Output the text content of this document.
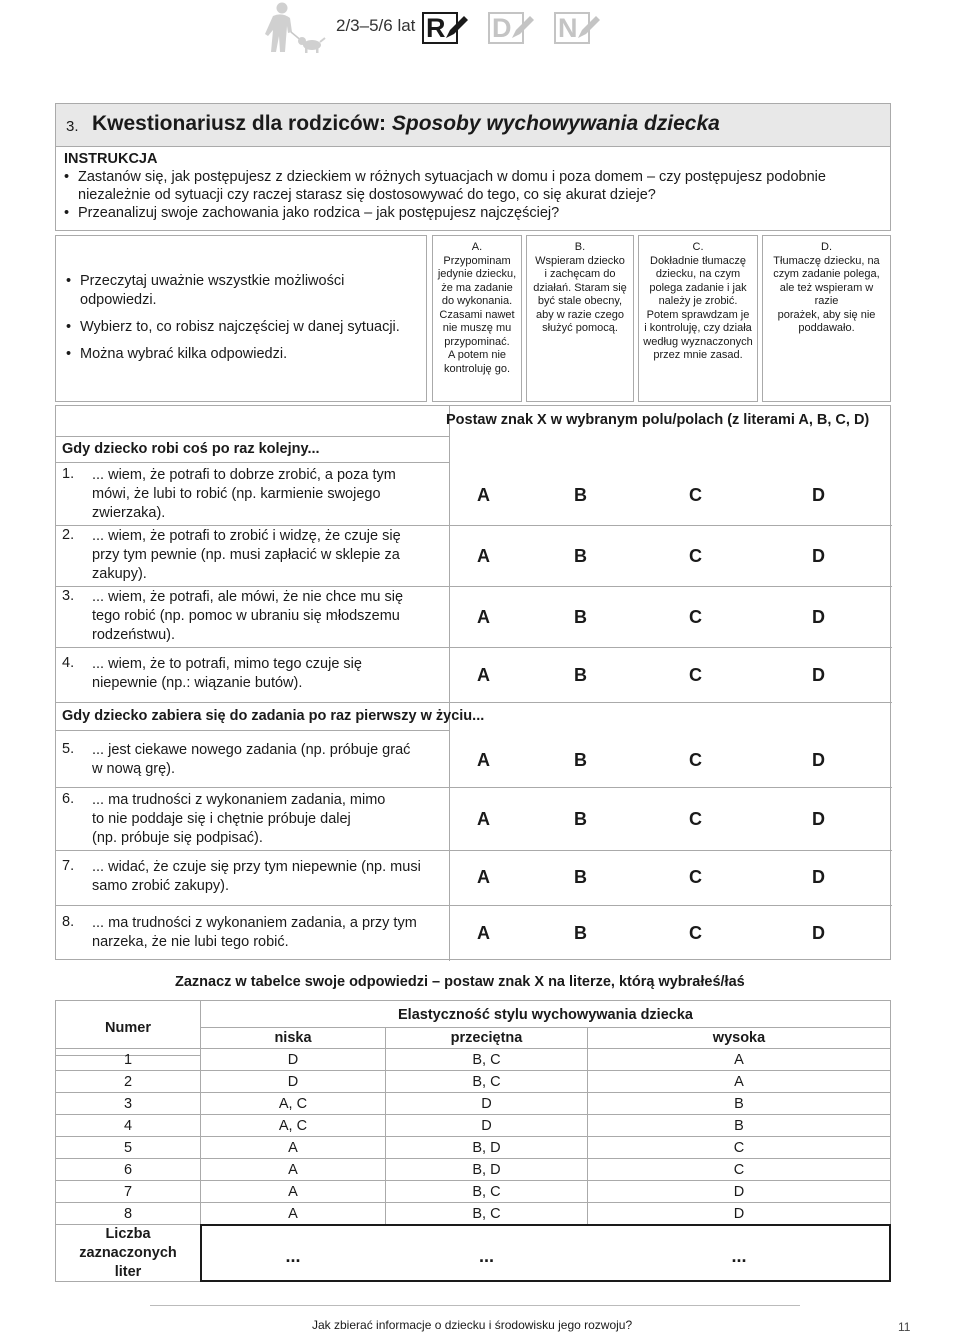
2/3–5/6 lat R D N
3. Kwestionariusz dla rodziców: Sposoby wychowywania dziecka
INSTRUKCJA
• Zastanów się, jak postępujesz z dzieckiem w różnych sytuacjach w domu i poza domem – czy postępujesz podobnie niezależnie od sytuacji czy raczej starasz się dostosowywać do tego, co się akurat dzieje?
• Przeanalizuj swoje zachowania jako rodzica – jak postępujesz najczęściej?
• Przeczytaj uważnie wszystkie możliwości odpowiedzi.
• Wybierz to, co robisz najczęściej w danej sytuacji.
• Można wybrać kilka odpowiedzi.
A.
Przypominam
jedynie dziecku,
że ma zadanie
do wykonania.
Czasami nawet
nie muszę mu
przypominać.
A potem nie
kontroluję go.
B.
Wspieram dziecko
i zachęcam do
działań. Staram się
być stale obecny,
aby w razie czego
służyć pomocą.
C.
Dokładnie tłumaczę
dziecku, na czym
polega zadanie i jak
należy je zrobić.
Potem sprawdzam je
i kontroluję, czy działa
według wyznaczonych
przez mnie zasad.
D.
Tłumaczę dziecku, na
czym zadanie polega,
ale też wspieram w razie
porażek, aby się nie
poddawało.
Postaw znak X w wybranym polu/polach (z literami A, B, C, D)
Gdy dziecko robi coś po raz kolejny...
1. ... wiem, że potrafi to dobrze zrobić, a poza tym
mówi, że lubi to robić (np. karmienie swojego
zwierzaka).
A	B	C	D
2. ... wiem, że potrafi to zrobić i widzę, że czuje się
przy tym pewnie (np. musi zapłacić w sklepie za
zakupy).
A	B	C	D
3. ... wiem, że potrafi, ale mówi, że nie chce mu się
tego robić (np. pomoc w ubraniu się młodszemu
rodzeństwu).
A	B	C	D
4. ... wiem, że to potrafi, mimo tego czuje się
niepewnie (np.: wiązanie butów).	A	B	C	D
Gdy dziecko zabiera się do zadania po raz pierwszy w życiu...
5. ... jest ciekawe nowego zadania (np. próbuje grać
w nową grę).	A	B	C	D
6. ... ma trudności z wykonaniem zadania, mimo
to nie poddaje się i chętnie próbuje dalej
(np. próbuje się podpisać).
A	B	C	D
7. ... widać, że czuje się przy tym niepewnie (np. musi
samo zrobić zakupy).	A	B	C	D
8. ... ma trudności z wykonaniem zadania, a przy tym
narzeka, że nie lubi tego robić.	A	B	C	D
Zaznacz w tabelce swoje odpowiedzi – postaw znak X na literze, którą wybrałeś/łaś
Numer
Elastyczność stylu wychowywania dziecka
niska	przeciętna	wysoka
1	D	B, C	A
2	D	B, C	A
3	A, C	D	B
4	A, C	D	B
5	A	B, D	C
6	A	B, D	C
7	A	B, C	D
8	A	B, C	D
Liczba
zaznaczonych
liter
...	...	...
Jak zbierać informacje o dziecku i środowisku jego rozwoju?	11
